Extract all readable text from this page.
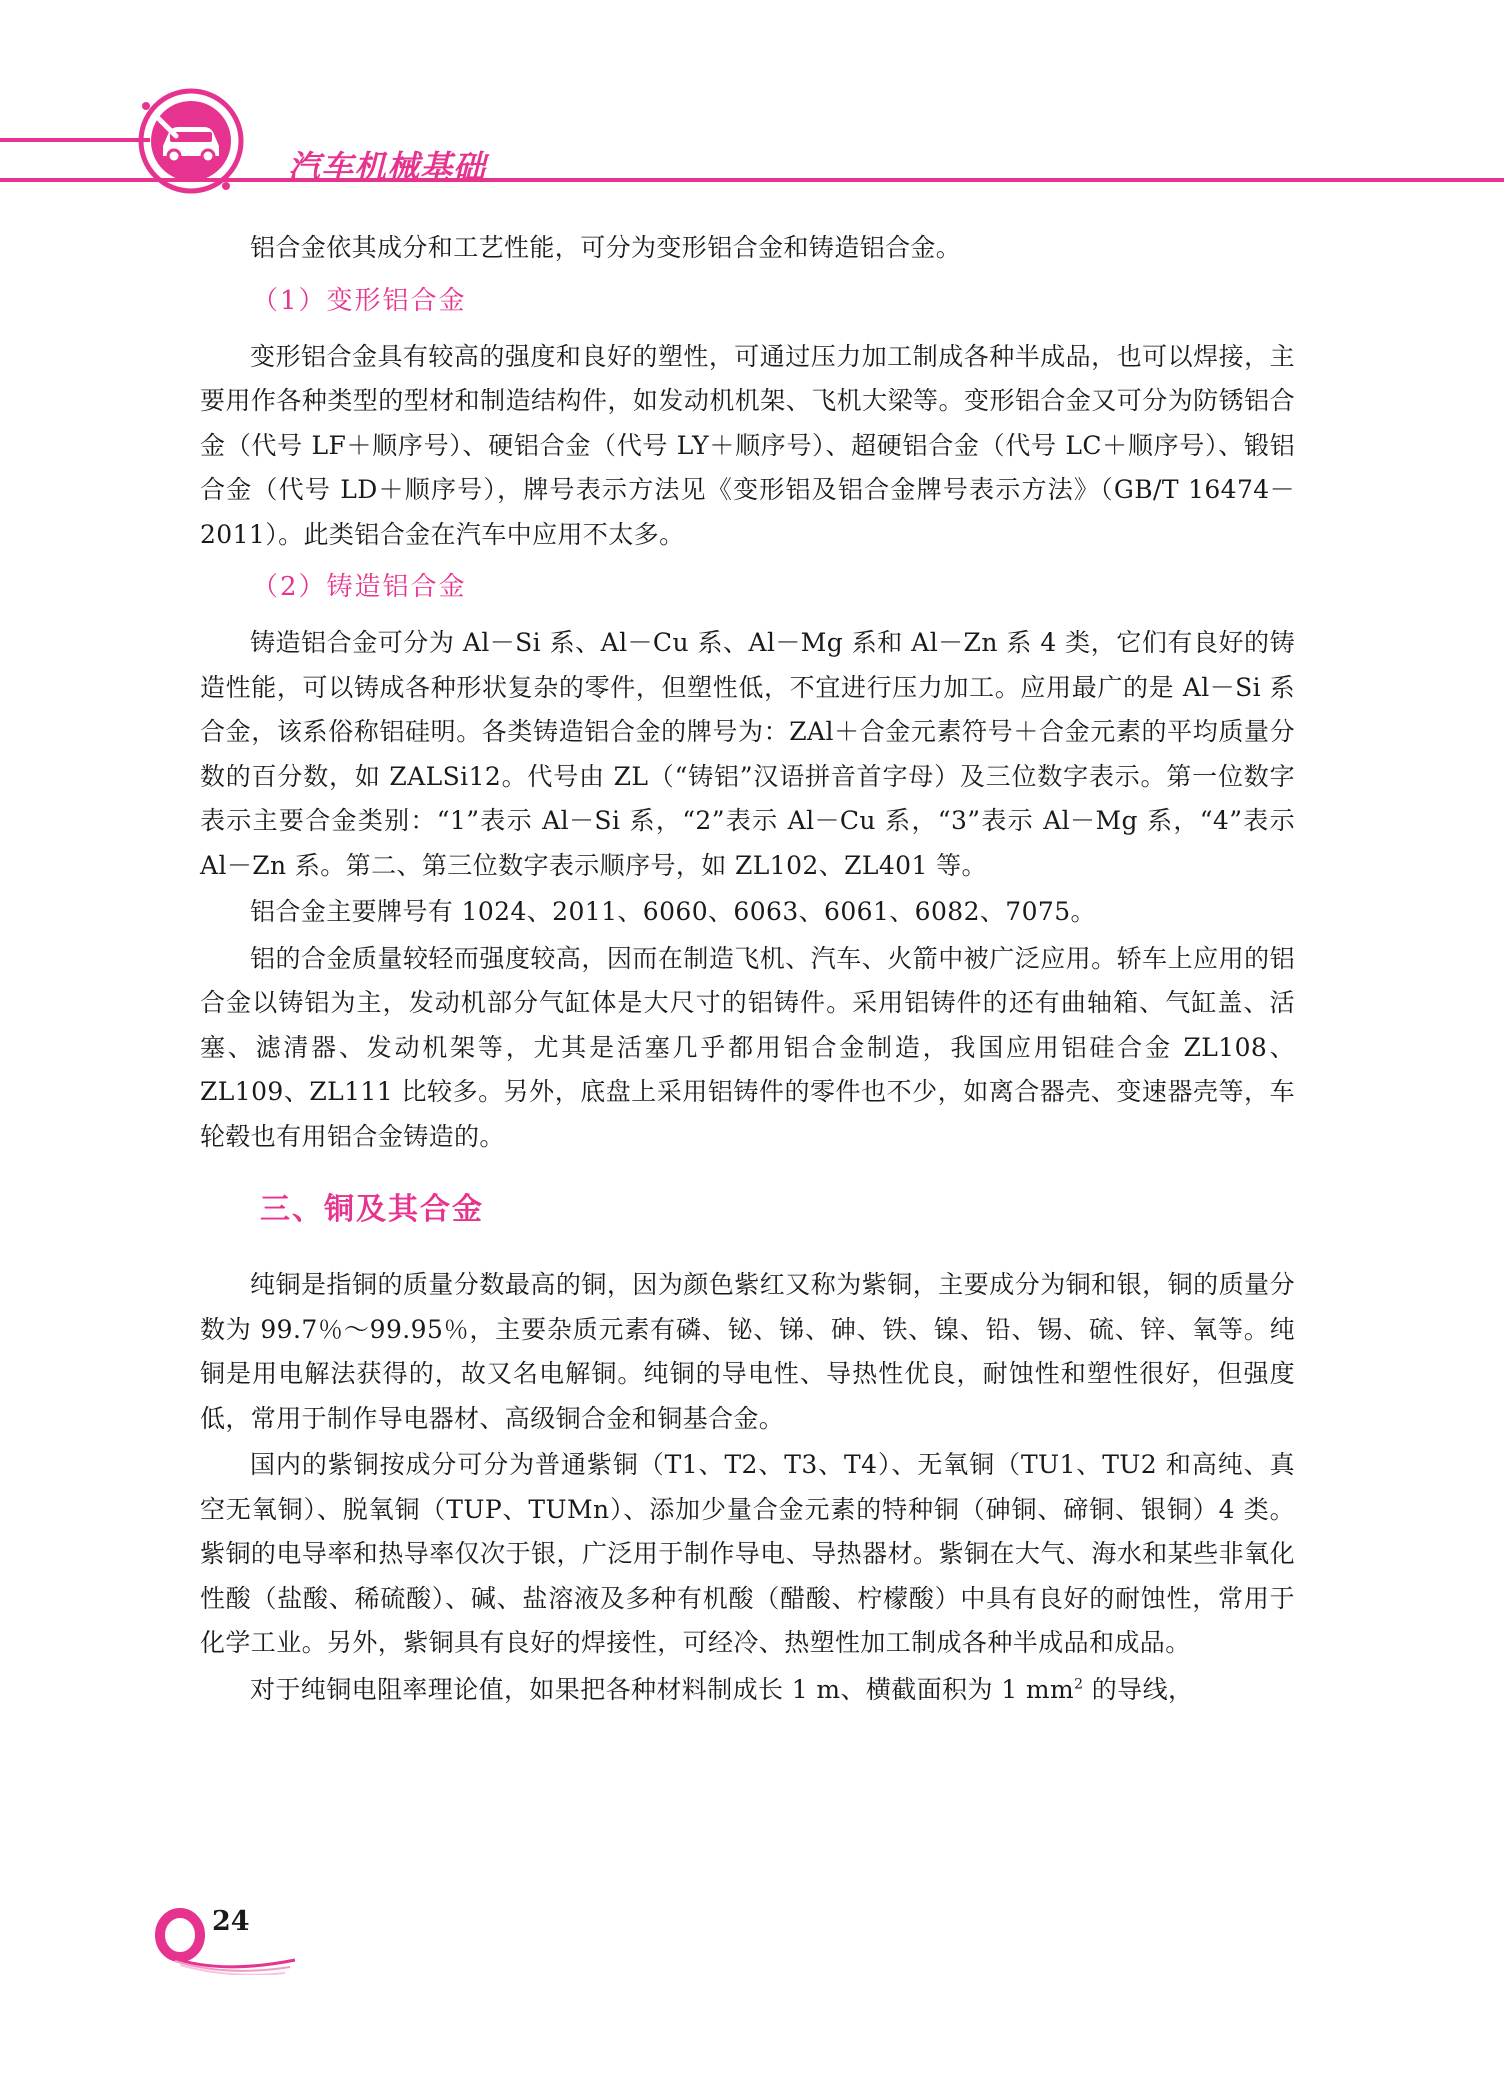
汽车机械基础

铝合金依其成分和工艺性能，可分为变形铝合金和铸造铝合金。

（1）变形铝合金

变形铝合金具有较高的强度和良好的塑性，可通过压力加工制成各种半成品，也可以焊接，主要用作各种类型的型材和制造结构件，如发动机机架、飞机大梁等。变形铝合金又可分为防锈铝合金（代号 LF＋顺序号）、硬铝合金（代号 LY＋顺序号）、超硬铝合金（代号 LC＋顺序号）、锻铝合金（代号 LD＋顺序号），牌号表示方法见《变形铝及铝合金牌号表示方法》（GB/T 16474－2011）。此类铝合金在汽车中应用不太多。

（2）铸造铝合金

铸造铝合金可分为 Al－Si 系、Al－Cu 系、Al－Mg 系和 Al－Zn 系 4 类，它们有良好的铸造性能，可以铸成各种形状复杂的零件，但塑性低，不宜进行压力加工。应用最广的是 Al－Si 系合金，该系俗称铝硅明。各类铸造铝合金的牌号为：ZAl＋合金元素符号＋合金元素的平均质量分数的百分数，如 ZALSi12。代号由 ZL（“铸铝”汉语拼音首字母）及三位数字表示。第一位数字表示主要合金类别：“1”表示 Al－Si 系，“2”表示 Al－Cu 系，“3”表示 Al－Mg 系，“4”表示 Al－Zn 系。第二、第三位数字表示顺序号，如 ZL102、ZL401 等。

铝合金主要牌号有 1024、2011、6060、6063、6061、6082、7075。

铝的合金质量较轻而强度较高，因而在制造飞机、汽车、火箭中被广泛应用。轿车上应用的铝合金以铸铝为主，发动机部分气缸体是大尺寸的铝铸件。采用铝铸件的还有曲轴箱、气缸盖、活塞、滤清器、发动机架等，尤其是活塞几乎都用铝合金制造，我国应用铝硅合金 ZL108、ZL109、ZL111 比较多。另外，底盘上采用铝铸件的零件也不少，如离合器壳、变速器壳等，车轮毂也有用铝合金铸造的。

三、铜及其合金

纯铜是指铜的质量分数最高的铜，因为颜色紫红又称为紫铜，主要成分为铜和银，铜的质量分数为 99.7％～99.95％，主要杂质元素有磷、铋、锑、砷、铁、镍、铅、锡、硫、锌、氧等。纯铜是用电解法获得的，故又名电解铜。纯铜的导电性、导热性优良，耐蚀性和塑性很好，但强度低，常用于制作导电器材、高级铜合金和铜基合金。

国内的紫铜按成分可分为普通紫铜（T1、T2、T3、T4）、无氧铜（TU1、TU2 和高纯、真空无氧铜）、脱氧铜（TUP、TUMn）、添加少量合金元素的特种铜（砷铜、碲铜、银铜）4 类。紫铜的电导率和热导率仅次于银，广泛用于制作导电、导热器材。紫铜在大气、海水和某些非氧化性酸（盐酸、稀硫酸）、碱、盐溶液及多种有机酸（醋酸、柠檬酸）中具有良好的耐蚀性，常用于化学工业。另外，紫铜具有良好的焊接性，可经冷、热塑性加工制成各种半成品和成品。

对于纯铜电阻率理论值，如果把各种材料制成长 1 m、横截面积为 1 $mm^2$ 的导线，

24
